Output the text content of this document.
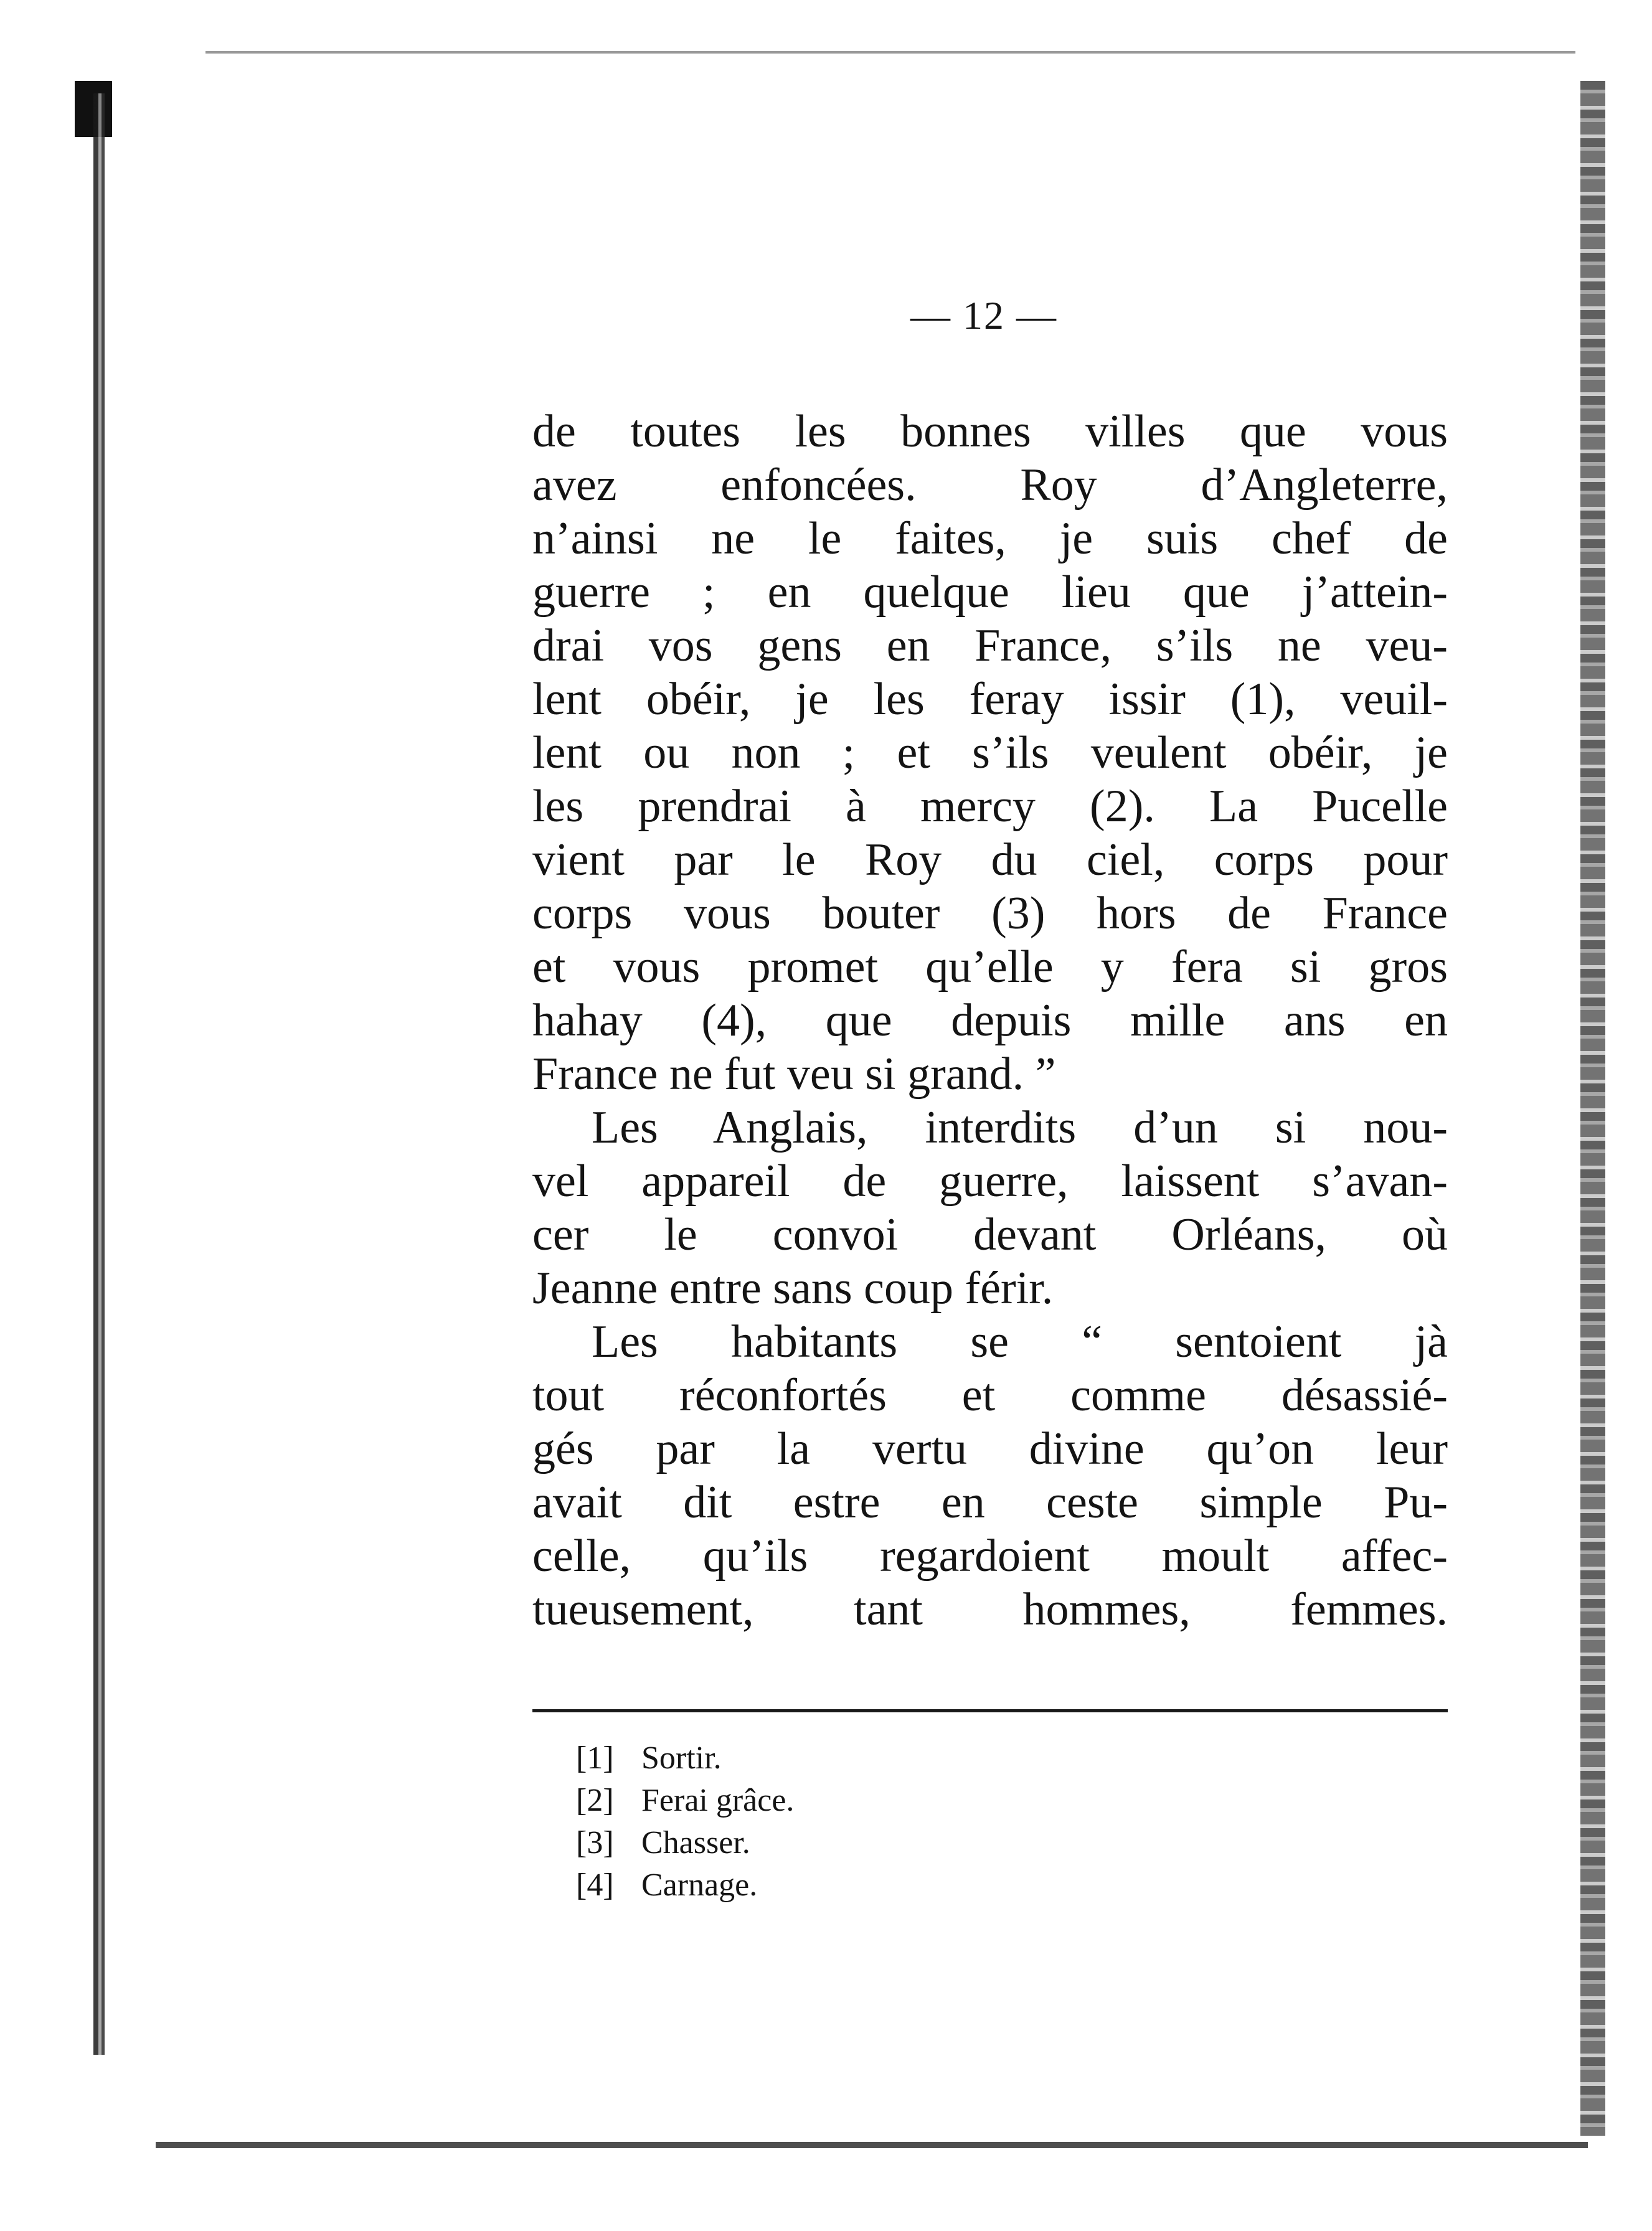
— 12 —
de toutes les bonnes villes que vous
avez enfoncées. Roy d’Angleterre,
n’ainsi ne le faites, je suis chef de
guerre ; en quelque lieu que j’attein-
drai vos gens en France, s’ils ne veu-
lent obéir, je les feray issir (1), veuil-
lent ou non ; et s’ils veulent obéir, je
les prendrai à mercy (2). La Pucelle
vient par le Roy du ciel, corps pour
corps vous bouter (3) hors de France
et vous promet qu’elle y fera si gros
hahay (4), que depuis mille ans en
France ne fut veu si grand. ”
Les Anglais, interdits d’un si nou-
vel appareil de guerre, laissent s’avan-
cer le convoi devant Orléans, où
Jeanne entre sans coup férir.
Les habitants se “ sentoient jà
tout réconfortés et comme désassié-
gés par la vertu divine qu’on leur
avait dit estre en ceste simple Pu-
celle, qu’ils regardoient moult affec-
tueusement, tant hommes, femmes.
[1] Sortir.
[2] Ferai grâce.
[3] Chasser.
[4] Carnage.
